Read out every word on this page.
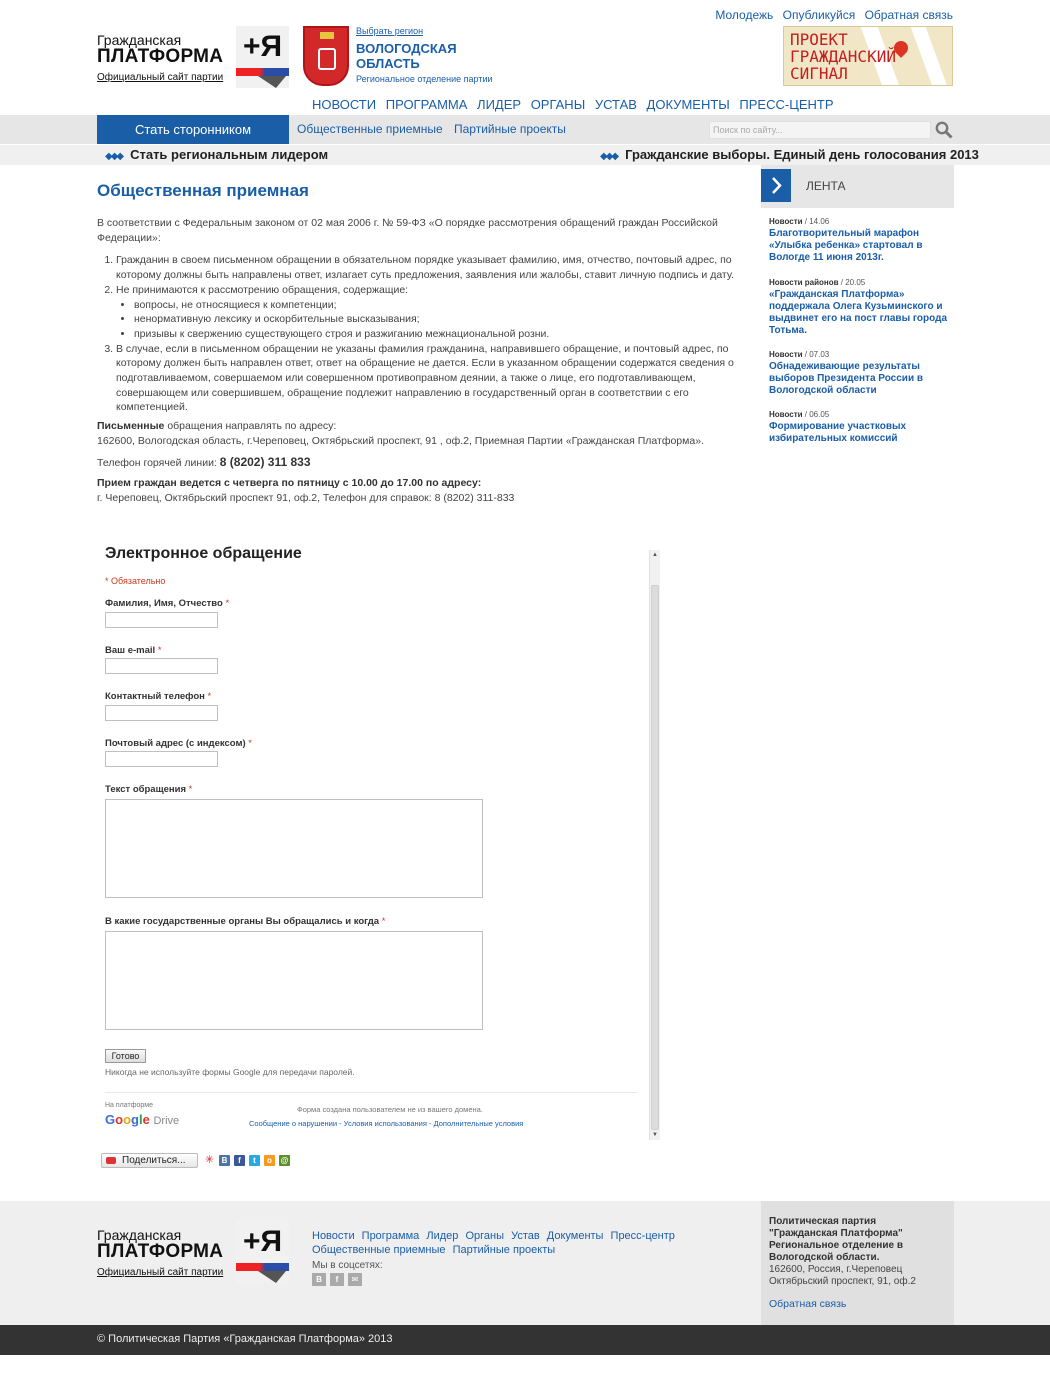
Молодежь Опубликуйся Обратная связь
Гражданская
ПЛАТФОРМА
Официальный сайт партии
+Я	Выбрать регион
ВОЛОГОДСКАЯ ОБЛАСТЬ
Региональное отделение партии
ПРОЕКТ
ГРАЖДАНСКИЙ
СИГНАЛ
НОВОСТИ ПРОГРАММА ЛИДЕР ОРГАНЫ УСТАВ ДОКУМЕНТЫ ПРЕСС-ЦЕНТР
Стать сторонником	Общественные приемные Партийные проекты	Поиск по сайту...
◆◆◆ Стать региональным лидером	◆◆◆ Гражданские выборы. Единый день голосования 2013
Общественная приемная
В соответствии с Федеральным законом от 02 мая 2006 г. № 59-ФЗ «О порядке рассмотрения обращений граждан Российской Федерации»:
1. Гражданин в своем письменном обращении в обязательном порядке указывает фамилию, имя, отчество, почтовый адрес, по которому должны быть направлены ответ, излагает суть предложения, заявления или жалобы, ставит личную подпись и дату.
2. Не принимаются к рассмотрению обращения, содержащие:
• вопросы, не относящиеся к компетенции;
• ненормативную лексику и оскорбительные высказывания;
• призывы к свержению существующего строя и разжиганию межнациональной розни.
3. В случае, если в письменном обращении не указаны фамилия гражданина, направившего обращение, и почтовый адрес, по которому должен быть направлен ответ, ответ на обращение не дается. Если в указанном обращении содержатся сведения о подготавливаемом, совершаемом или совершенном противоправном деянии, а также о лице, его подготавливающем, совершающем или совершившем, обращение подлежит направлению в государственный орган в соответствии с его компетенцией.
Письменные обращения направлять по адресу:
162600, Вологодская область, г.Череповец, Октябрьский проспект, 91 , оф.2, Приемная Партии «Гражданская Платформа».
Телефон горячей линии: 8 (8202) 311 833
Прием граждан ведется с четверга по пятницу с 10.00 до 17.00 по адресу:
г. Череповец, Октябрьский проспект 91, оф.2, Телефон для справок: 8 (8202) 311-833
ЛЕНТА
Новости / 14.06
Благотворительный марафон «Улыбка ребенка» стартовал в Вологде 11 июня 2013г.
Новости районов / 20.05
«Гражданская Платформа» поддержала Олега Кузьминского и выдвинет его на пост главы города Тотьма.
Новости / 07.03
Обнадеживающие результаты выборов Президента России в Вологодской области
Новости / 06.05
Формирование участковых избирательных комиссий
Электронное обращение
* Обязательно
Фамилия, Имя, Отчество *
Ваш e-mail *
Контактный телефон *
Почтовый адрес (с индексом) *
Текст обращения *
В какие государственные органы Вы обращались и когда *
Готово
Никогда не используйте формы Google для передачи паролей.
На платформе
Google Drive
Форма создана пользователем не из вашего домена.
Сообщение о нарушении - Условия использования - Дополнительные условия
▲
▼
Поделиться...	✳ В	f	t	o	@
Гражданская
ПЛАТФОРМА
Официальный сайт партии
+Я	Новости Программа Лидер Органы Устав Документы Пресс-центр
Общественные приемные Партийные проекты
Мы в соцсетях:
В	f	✉
Политическая партия "Гражданская Платформа" Региональное отделение в Вологодской области.
162600, Россия, г.Череповец Октябрьский проспект, 91, оф.2
Обратная связь
© Политическая Партия «Гражданская Платформа» 2013
